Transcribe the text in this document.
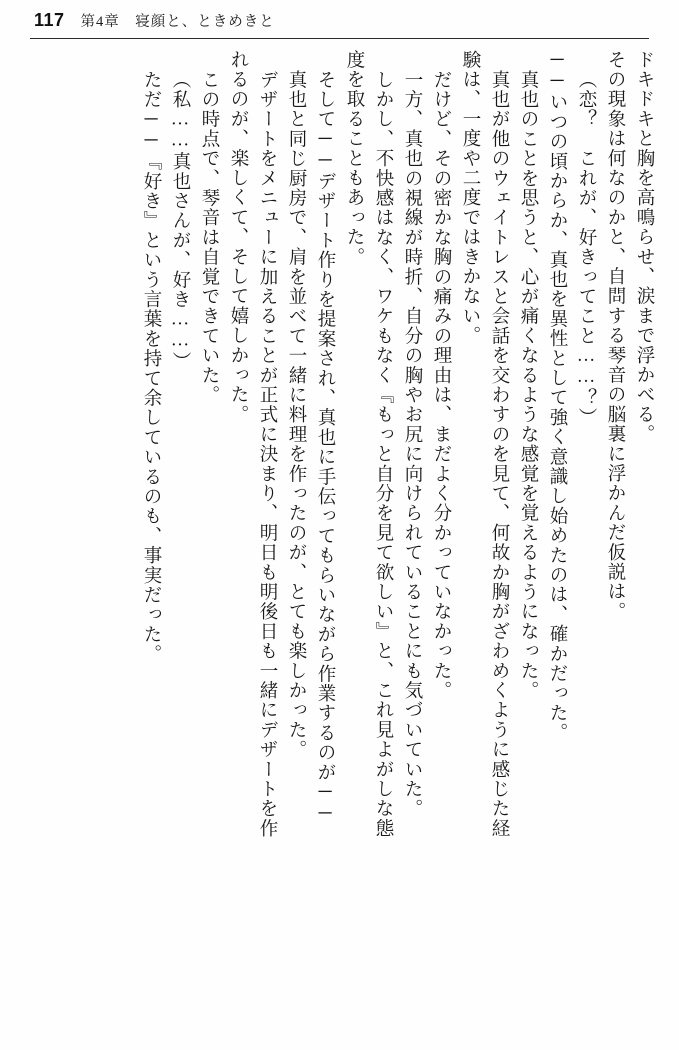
117 第4章　寝顔と、ときめきと
ドキドキと胸を高鳴らせ、涙まで浮かべる。
その現象は何なのかと、自問する琴音の脳裏に浮かんだ仮説は。
（恋？　これが、好きってこと……？）
──いつの頃からか、真也を異性として強く意識し始めたのは、確かだった。
真也のことを思うと、心が痛くなるような感覚を覚えるようになった。
真也が他のウェイトレスと会話を交わすのを見て、何故か胸がざわめくように感じた経
験は、一度や二度ではきかない。
だけど、その密かな胸の痛みの理由は、まだよく分かっていなかった。
一方、真也の視線が時折、自分の胸やお尻に向けられていることにも気づいていた。
しかし、不快感はなく、ワケもなく『もっと自分を見て欲しい』と、これ見よがしな態
度を取ることもあった。
そして──デザート作りを提案され、真也に手伝ってもらいながら作業するのが──
真也と同じ厨房で、肩を並べて一緒に料理を作ったのが、とても楽しかった。
デザートをメニューに加えることが正式に決まり、明日も明後日も一緒にデザートを作
れるのが、楽しくて、そして嬉しかった。
この時点で、琴音は自覚できていた。
（私……真也さんが、好き……）
ただ──『好き』という言葉を持て余しているのも、事実だった。
